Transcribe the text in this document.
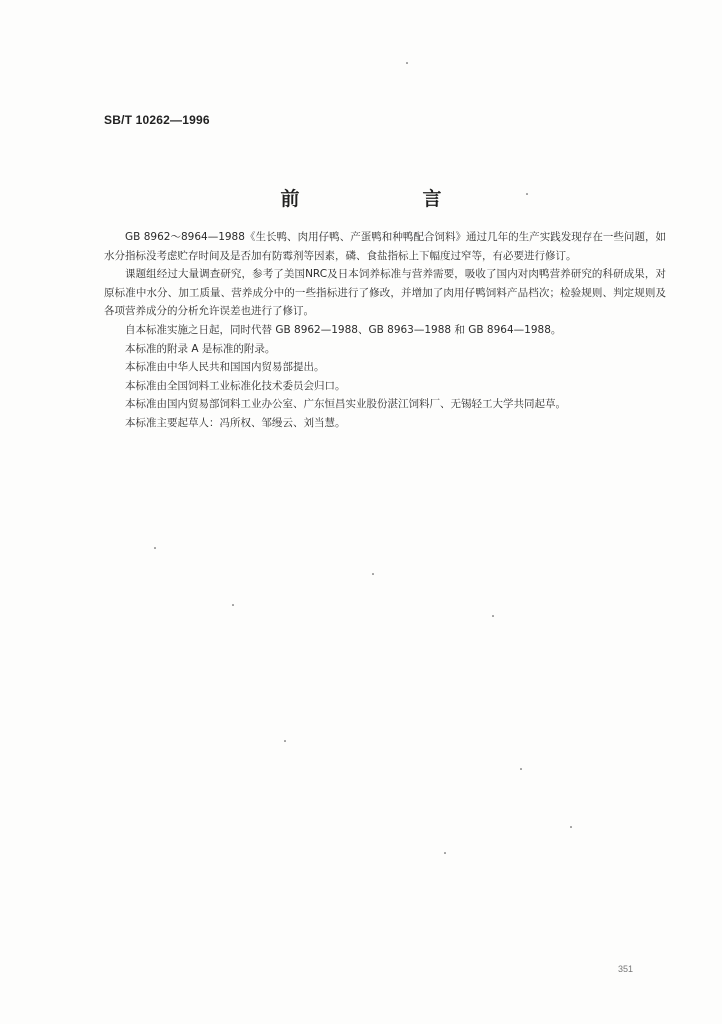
SB/T 10262—1996
前　言

GB 8962～8964—1988《生长鸭、肉用仔鸭、产蛋鸭和种鸭配合饲料》通过几年的生产实践发现存在一些问题，如水分指标没考虑贮存时间及是否加有防霉剂等因素，磷、食盐指标上下幅度过窄等，有必要进行修订。

课题组经过大量调查研究，参考了美国NRC及日本饲养标准与营养需要，吸收了国内对肉鸭营养研究的科研成果，对原标准中水分、加工质量、营养成分中的一些指标进行了修改，并增加了肉用仔鸭饲料产品档次；检验规则、判定规则及各项营养成分的分析允许误差也进行了修订。

自本标准实施之日起，同时代替 GB 8962—1988、GB 8963—1988 和 GB 8964—1988。

本标准的附录 A 是标准的附录。

本标准由中华人民共和国国内贸易部提出。

本标准由全国饲料工业标准化技术委员会归口。

本标准由国内贸易部饲料工业办公室、广东恒昌实业股份湛江饲料厂、无锡轻工大学共同起草。

本标准主要起草人：冯所权、邹缦云、刘当慧。

351
